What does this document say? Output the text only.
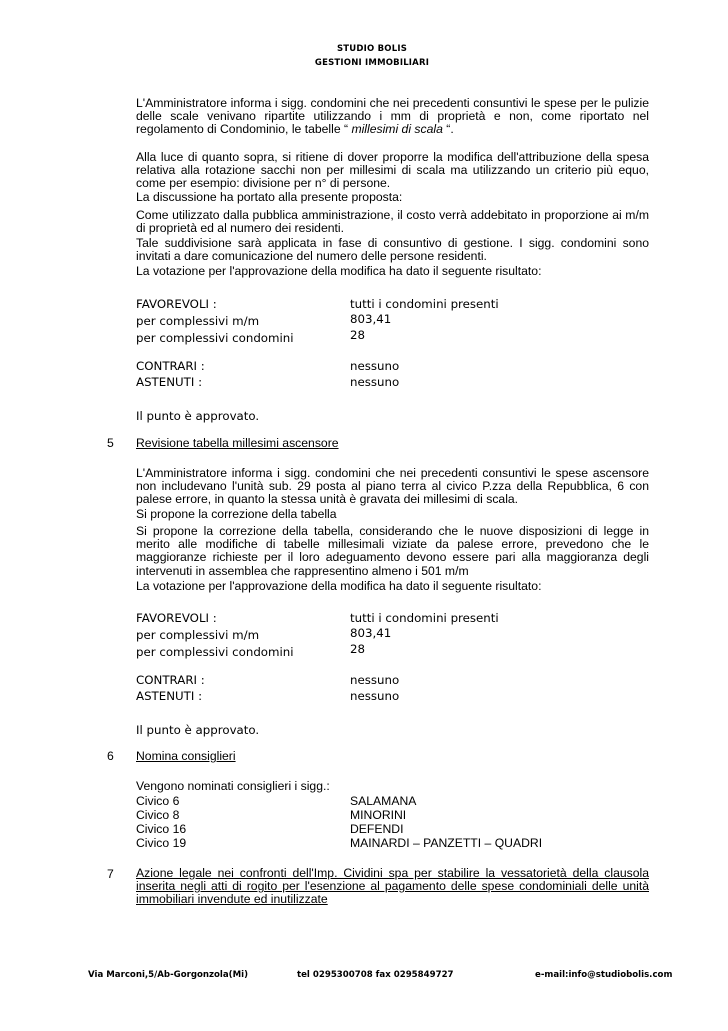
STUDIO BOLIS
GESTIONI IMMOBILIARI
L'Amministratore informa i sigg. condomini che nei precedenti consuntivi le spese per le pulizie delle scale venivano ripartite utilizzando i mm di proprietà e non, come riportato nel regolamento di Condominio, le tabelle “ millesimi di scala “.
Alla luce di quanto sopra, si ritiene di dover proporre la modifica dell'attribuzione della spesa relativa alla rotazione sacchi non per millesimi di scala ma utilizzando un criterio più equo, come per esempio: divisione per n° di persone.
La discussione ha portato alla presente proposta:
Come utilizzato dalla pubblica amministrazione, il costo verrà addebitato in proporzione ai m/m di proprietà ed al numero dei residenti.
Tale suddivisione sarà applicata in fase di consuntivo di gestione. I sigg. condomini sono invitati a dare comunicazione del numero delle persone residenti.
La votazione per l'approvazione della modifica ha dato il seguente risultato:
FAVOREVOLI :	tutti i condomini presenti
per complessivi m/m	803,41
per complessivi condomini	28
CONTRARI :	nessuno
ASTENUTI :	nessuno
Il punto è approvato.
5 Revisione tabella millesimi ascensore
L'Amministratore informa i sigg. condomini che nei precedenti consuntivi le spese ascensore non includevano l'unità sub. 29 posta al piano terra al civico P.zza della Repubblica, 6 con palese errore, in quanto la stessa unità è gravata dei millesimi di scala.
Si propone la correzione della tabella
Si propone la correzione della tabella, considerando che le nuove disposizioni di legge in merito alle modifiche di tabelle millesimali viziate da palese errore, prevedono che le maggioranze richieste per il loro adeguamento devono essere pari alla maggioranza degli intervenuti in assemblea che rappresentino almeno i 501 m/m
La votazione per l'approvazione della modifica ha dato il seguente risultato:
FAVOREVOLI :	tutti i condomini presenti
per complessivi m/m	803,41
per complessivi condomini	28
CONTRARI :	nessuno
ASTENUTI :	nessuno
Il punto è approvato.
6 Nomina consiglieri
Vengono nominati consiglieri i sigg.:
Civico 6	SALAMANA
Civico 8	MINORINI
Civico 16	DEFENDI
Civico 19	MAINARDI – PANZETTI – QUADRI
7 Azione legale nei confronti dell'Imp. Cividini spa per stabilire la vessatorietà della clausola inserita negli atti di rogito per l'esenzione al pagamento delle spese condominiali delle unità immobiliari invendute ed inutilizzate
Via Marconi,5/Ab-Gorgonzola(Mi)	tel 0295300708 fax 0295849727	e-mail:info@studiobolis.com
